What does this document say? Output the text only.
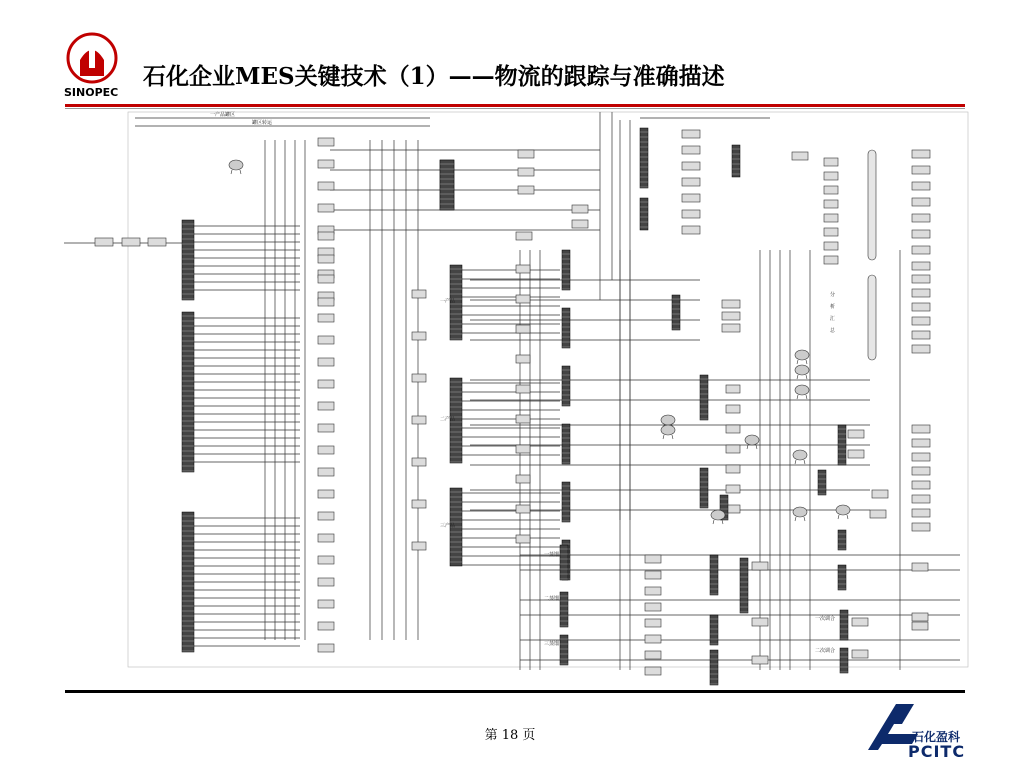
SINOPEC
石化企业MES关键技术（1）——物流的跟踪与准确描述
一产品罐区
罐区转运
一产品
二产品
三产品
分
析
汇
总
一蒸馏
二蒸馏
三蒸馏
一次调合
二次调合
第 18 页	石化盈科
PCITC
